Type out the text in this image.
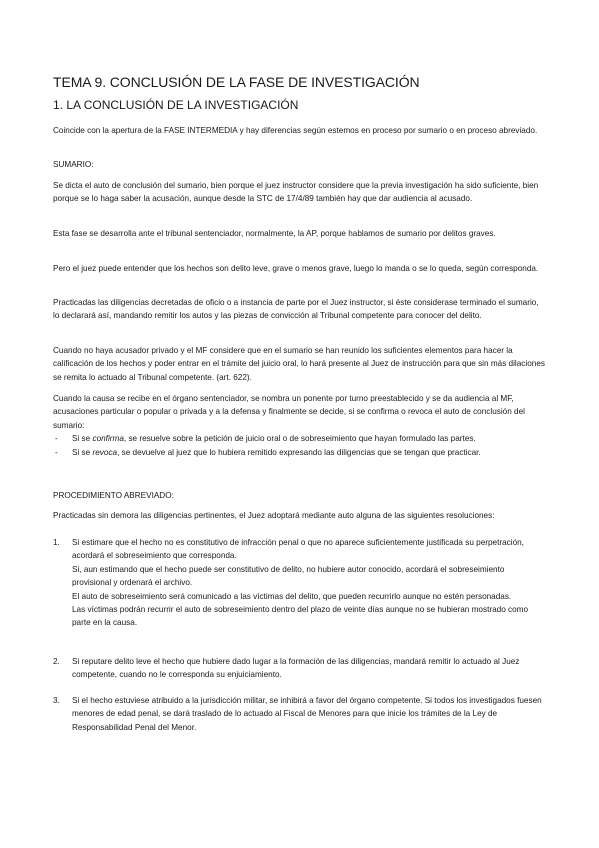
TEMA 9. CONCLUSIÓN DE LA FASE DE INVESTIGACIÓN
1. LA CONCLUSIÓN DE LA INVESTIGACIÓN

Coincide con la apertura de la FASE INTERMEDIA y hay diferencias según estemos en proceso por sumario o en proceso abreviado.

SUMARIO:

Se dicta el auto de conclusión del sumario, bien porque el juez instructor considere que la previa investigación ha sido suficiente, bien porque se lo haga saber la acusación, aunque desde la STC de 17/4/89 también hay que dar audiencia al acusado.

Esta fase se desarrolla ante el tribunal sentenciador, normalmente, la AP, porque hablamos de sumario por delitos graves.

Pero el juez puede entender que los hechos son delito leve, grave o menos grave, luego lo manda o se lo queda, según corresponda.

Practicadas las diligencias decretadas de oficio o a instancia de parte por el Juez instructor, si éste considerase terminado el sumario, lo declarará así, mandando remitir los autos y las piezas de convicción al Tribunal competente para conocer del delito.

Cuando no haya acusador privado y el MF considere que en el sumario se han reunido los suficientes elementos para hacer la calificación de los hechos y poder entrar en el trámite del juicio oral, lo hará presente al Juez de instrucción para que sin más dilaciones se remita lo actuado al Tribunal competente. (art. 622).

Cuando la causa se recibe en el órgano sentenciador, se nombra un ponente por turno preestablecido y se da audiencia al MF, acusaciones particular o popular o privada y a la defensa y finalmente se decide, si se confirma o revoca el auto de conclusión del sumario:

- Si se confirma, se resuelve sobre la petición de juicio oral o de sobreseimiento que hayan formulado las partes.
- Si se revoca, se devuelve al juez que lo hubiera remitido expresando las diligencias que se tengan que practicar.
PROCEDIMIENTO ABREVIADO:

Practicadas sin demora las diligencias pertinentes, el Juez adoptará mediante auto alguna de las siguientes resoluciones:

1. Si estimare que el hecho no es constitutivo de infracción penal o que no aparece suficientemente justificada su perpetración, acordará el sobreseimiento que corresponda.

Si, aun estimando que el hecho puede ser constitutivo de delito, no hubiere autor conocido, acordará el sobreseimiento provisional y ordenará el archivo.

El auto de sobreseimiento será comunicado a las víctimas del delito, que pueden recurrirlo aunque no estén personadas.

Las víctimas podrán recurrir el auto de sobreseimiento dentro del plazo de veinte días aunque no se hubieran mostrado como parte en la causa.

2. Si reputare delito leve el hecho que hubiere dado lugar a la formación de las diligencias, mandará remitir lo actuado al Juez competente, cuando no le corresponda su enjuiciamiento.

3. Si el hecho estuviese atribuido a la jurisdicción militar, se inhibirá a favor del órgano competente. Si todos los investigados fuesen menores de edad penal, se dará traslado de lo actuado al Fiscal de Menores para que inicie los trámites de la Ley de Responsabilidad Penal del Menor.
